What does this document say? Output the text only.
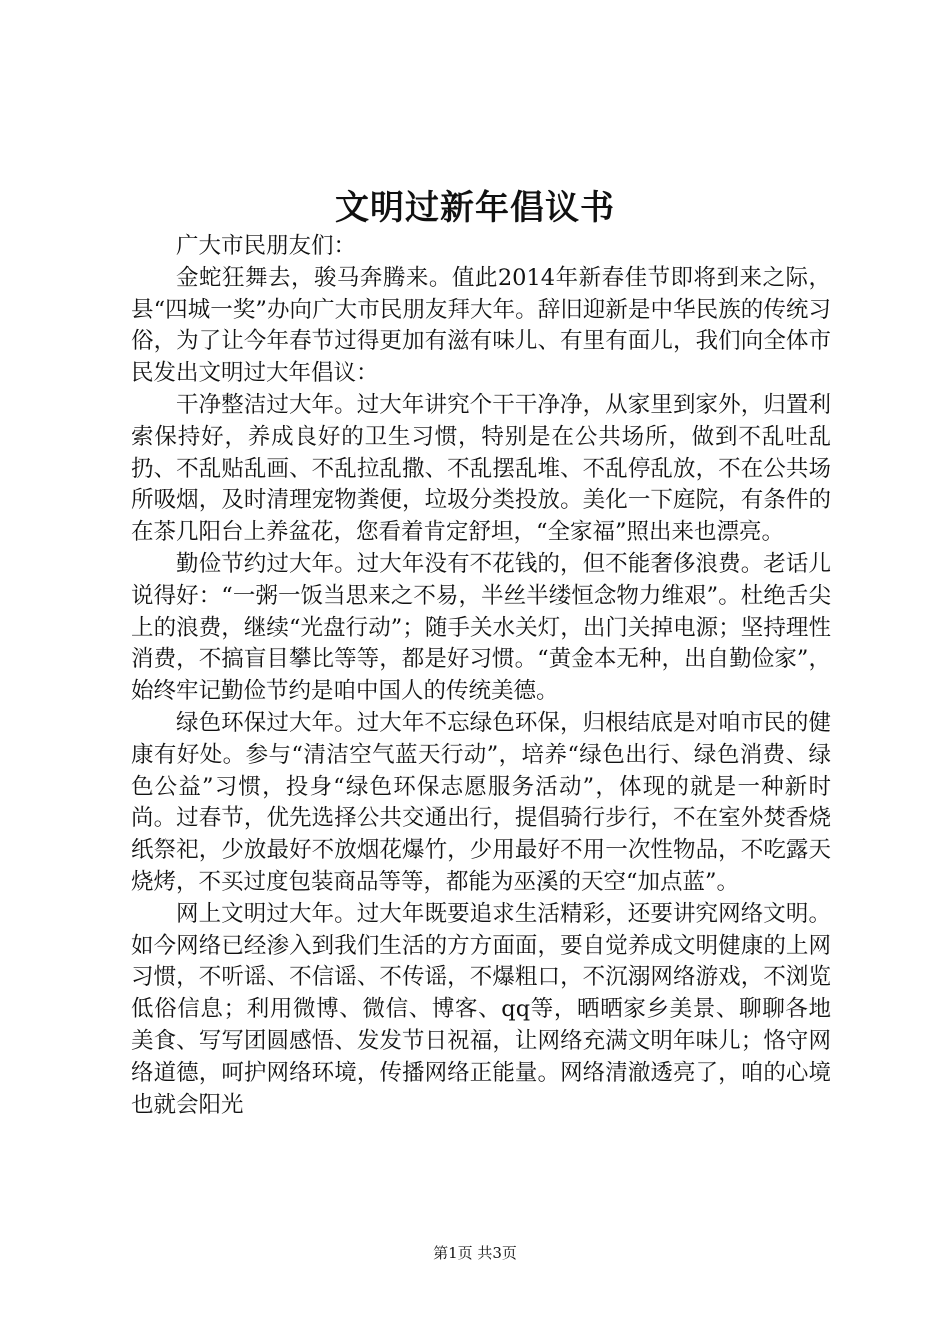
文明过新年倡议书

广大市民朋友们：

金蛇狂舞去，骏马奔腾来。值此2014年新春佳节即将到来之际，县“四城一奖”办向广大市民朋友拜大年。辞旧迎新是中华民族的传统习俗，为了让今年春节过得更加有滋有味儿、有里有面儿，我们向全体市民发出文明过大年倡议：

干净整洁过大年。过大年讲究个干干净净，从家里到家外，归置利索保持好，养成良好的卫生习惯，特别是在公共场所，做到不乱吐乱扔、不乱贴乱画、不乱拉乱撒、不乱摆乱堆、不乱停乱放，不在公共场所吸烟，及时清理宠物粪便，垃圾分类投放。美化一下庭院，有条件的在茶几阳台上养盆花，您看着肯定舒坦，“全家福”照出来也漂亮。

勤俭节约过大年。过大年没有不花钱的，但不能奢侈浪费。老话儿说得好：“一粥一饭当思来之不易，半丝半缕恒念物力维艰”。杜绝舌尖上的浪费，继续“光盘行动”；随手关水关灯，出门关掉电源；坚持理性消费，不搞盲目攀比等等，都是好习惯。“黄金本无种，出自勤俭家”，始终牢记勤俭节约是咱中国人的传统美德。

绿色环保过大年。过大年不忘绿色环保，归根结底是对咱市民的健康有好处。参与“清洁空气蓝天行动”，培养“绿色出行、绿色消费、绿色公益”习惯，投身“绿色环保志愿服务活动”，体现的就是一种新时尚。过春节，优先选择公共交通出行，提倡骑行步行，不在室外焚香烧纸祭祀，少放最好不放烟花爆竹，少用最好不用一次性物品，不吃露天烧烤，不买过度包装商品等等，都能为巫溪的天空“加点蓝”。

网上文明过大年。过大年既要追求生活精彩，还要讲究网络文明。如今网络已经渗入到我们生活的方方面面，要自觉养成文明健康的上网习惯，不听谣、不信谣、不传谣，不爆粗口，不沉溺网络游戏，不浏览低俗信息；利用微博、微信、博客、qq等，晒晒家乡美景、聊聊各地美食、写写团圆感悟、发发节日祝福，让网络充满文明年味儿；恪守网络道德，呵护网络环境，传播网络正能量。网络清澈透亮了，咱的心境也就会阳光

第1页 共3页
